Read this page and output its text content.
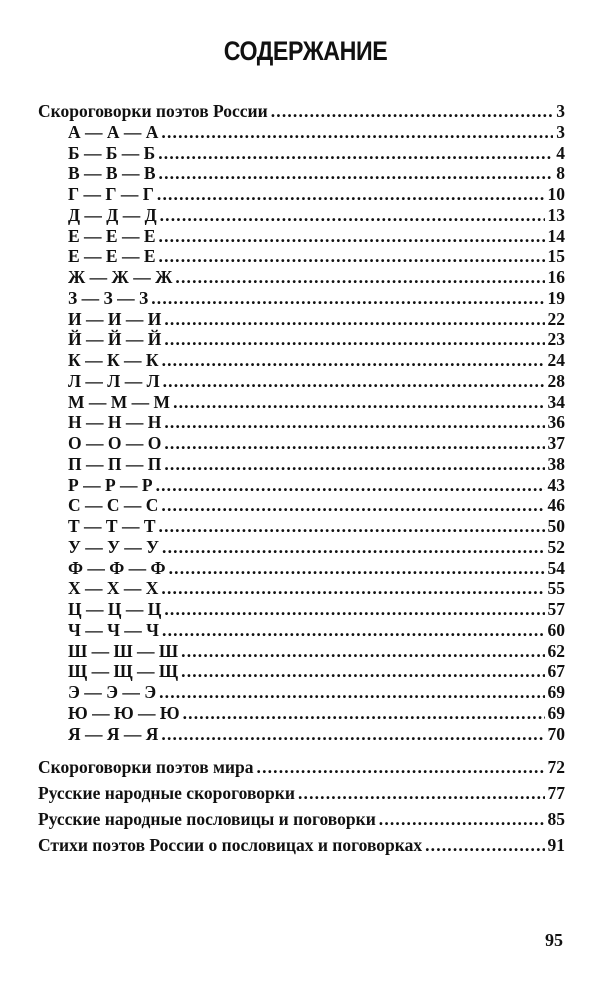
СОДЕРЖАНИЕ
Скороговорки поэтов России . . .	3
А — А — А . . .	3
Б — Б — Б . . .	4
В — В — В . . .	8
Г — Г — Г . . .	10
Д — Д — Д . . .	13
Е — Е — Е . . .	14
Е — Е — Е . . .	15
Ж — Ж — Ж . . .	16
З — З — З . . .	19
И — И — И . . .	22
Й — Й — Й . . .	23
К — К — К . . .	24
Л — Л — Л . . .	28
М — М — М . . .	34
Н — Н — Н . . .	36
О — О — О . . .	37
П — П — П . . .	38
Р — Р — Р . . .	43
С — С — С . . .	46
Т — Т — Т . . .	50
У — У — У . . .	52
Ф — Ф — Ф . . .	54
Х — Х — Х . . .	55
Ц — Ц — Ц . . .	57
Ч — Ч — Ч . . .	60
Ш — Ш — Ш . . .	62
Щ — Щ — Щ . . .	67
Э — Э — Э . . .	69
Ю — Ю — Ю . . .	69
Я — Я — Я . . .	70
Скороговорки поэтов мира . . .	72
Русские народные скороговорки . . .	77
Русские народные пословицы и поговорки . . .	85
Стихи поэтов России о пословицах и поговорках . . .	91
95
